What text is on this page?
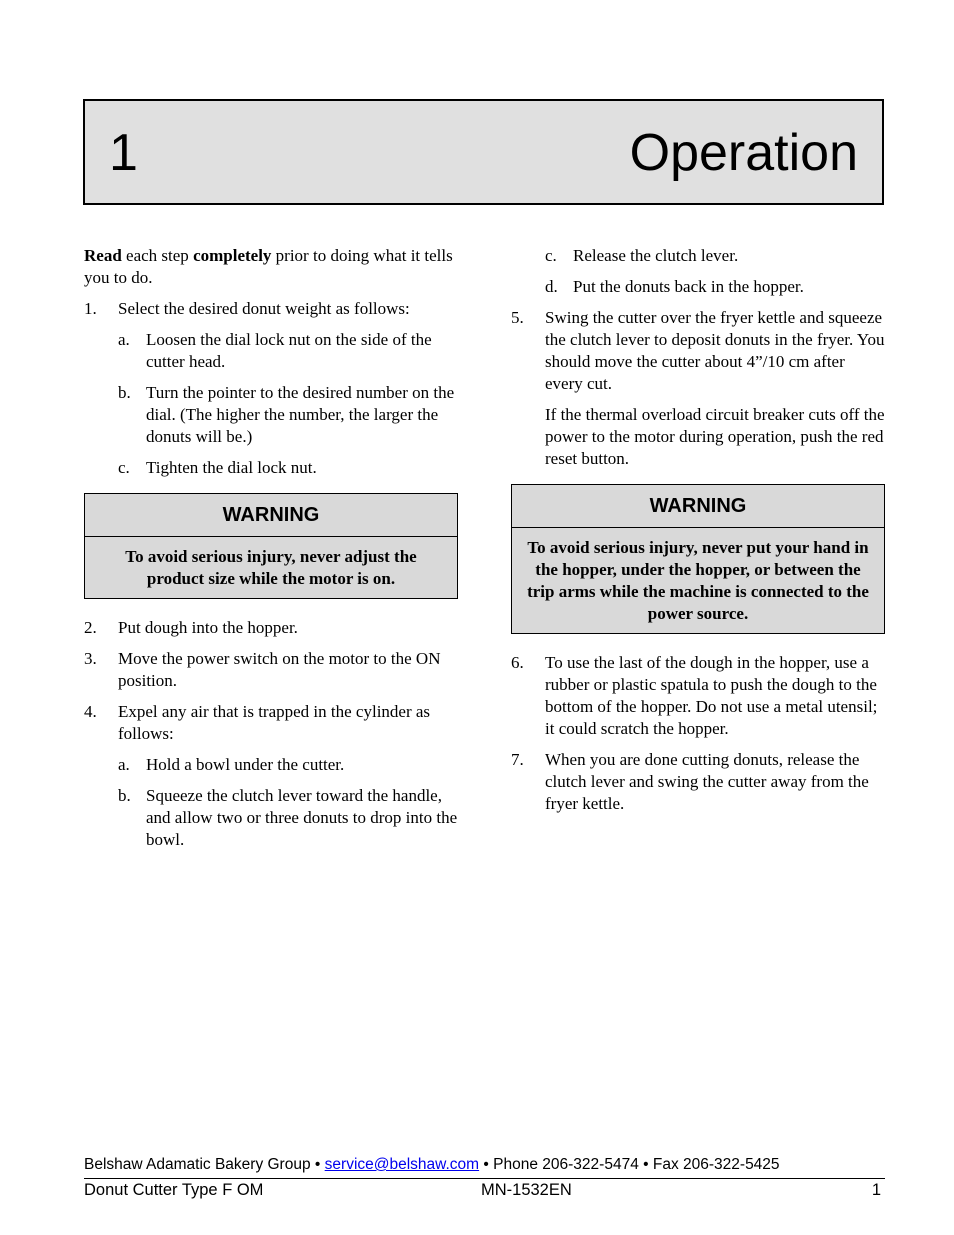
1	Operation

Read each step completely prior to doing what it tells you to do.

1.	Select the desired donut weight as follows:
a. Loosen the dial lock nut on the side of the cutter head.
b. Turn the pointer to the desired number on the dial. (The higher the number, the larger the donuts will be.)
c. Tighten the dial lock nut.
WARNING
To avoid serious injury, never adjust the product size while the motor is on.
2.	Put dough into the hopper.
3.	Move the power switch on the motor to the ON position.
4.	Expel any air that is trapped in the cylinder as follows:
a. Hold a bowl under the cutter.
b. Squeeze the clutch lever toward the handle, and allow two or three donuts to drop into the bowl.
c. Release the clutch lever.
d. Put the donuts back in the hopper.
5.	Swing the cutter over the fryer kettle and squeeze the clutch lever to deposit donuts in the fryer. You should move the cutter about 4”/10 cm after every cut.

If the thermal overload circuit breaker cuts off the power to the motor during operation, push the red reset button.

WARNING
To avoid serious injury, never put your hand in the hopper, under the hopper, or between the trip arms while the machine is connected to the power source.
6.	To use the last of the dough in the hopper, use a rubber or plastic spatula to push the dough to the bottom of the hopper. Do not use a metal utensil; it could scratch the hopper.
7.	When you are done cutting donuts, release the clutch lever and swing the cutter away from the fryer kettle.
Belshaw Adamatic Bakery Group • service@belshaw.com • Phone 206-322-5474 • Fax 206-322-5425
Donut Cutter Type F OM	MN-1532EN	1
